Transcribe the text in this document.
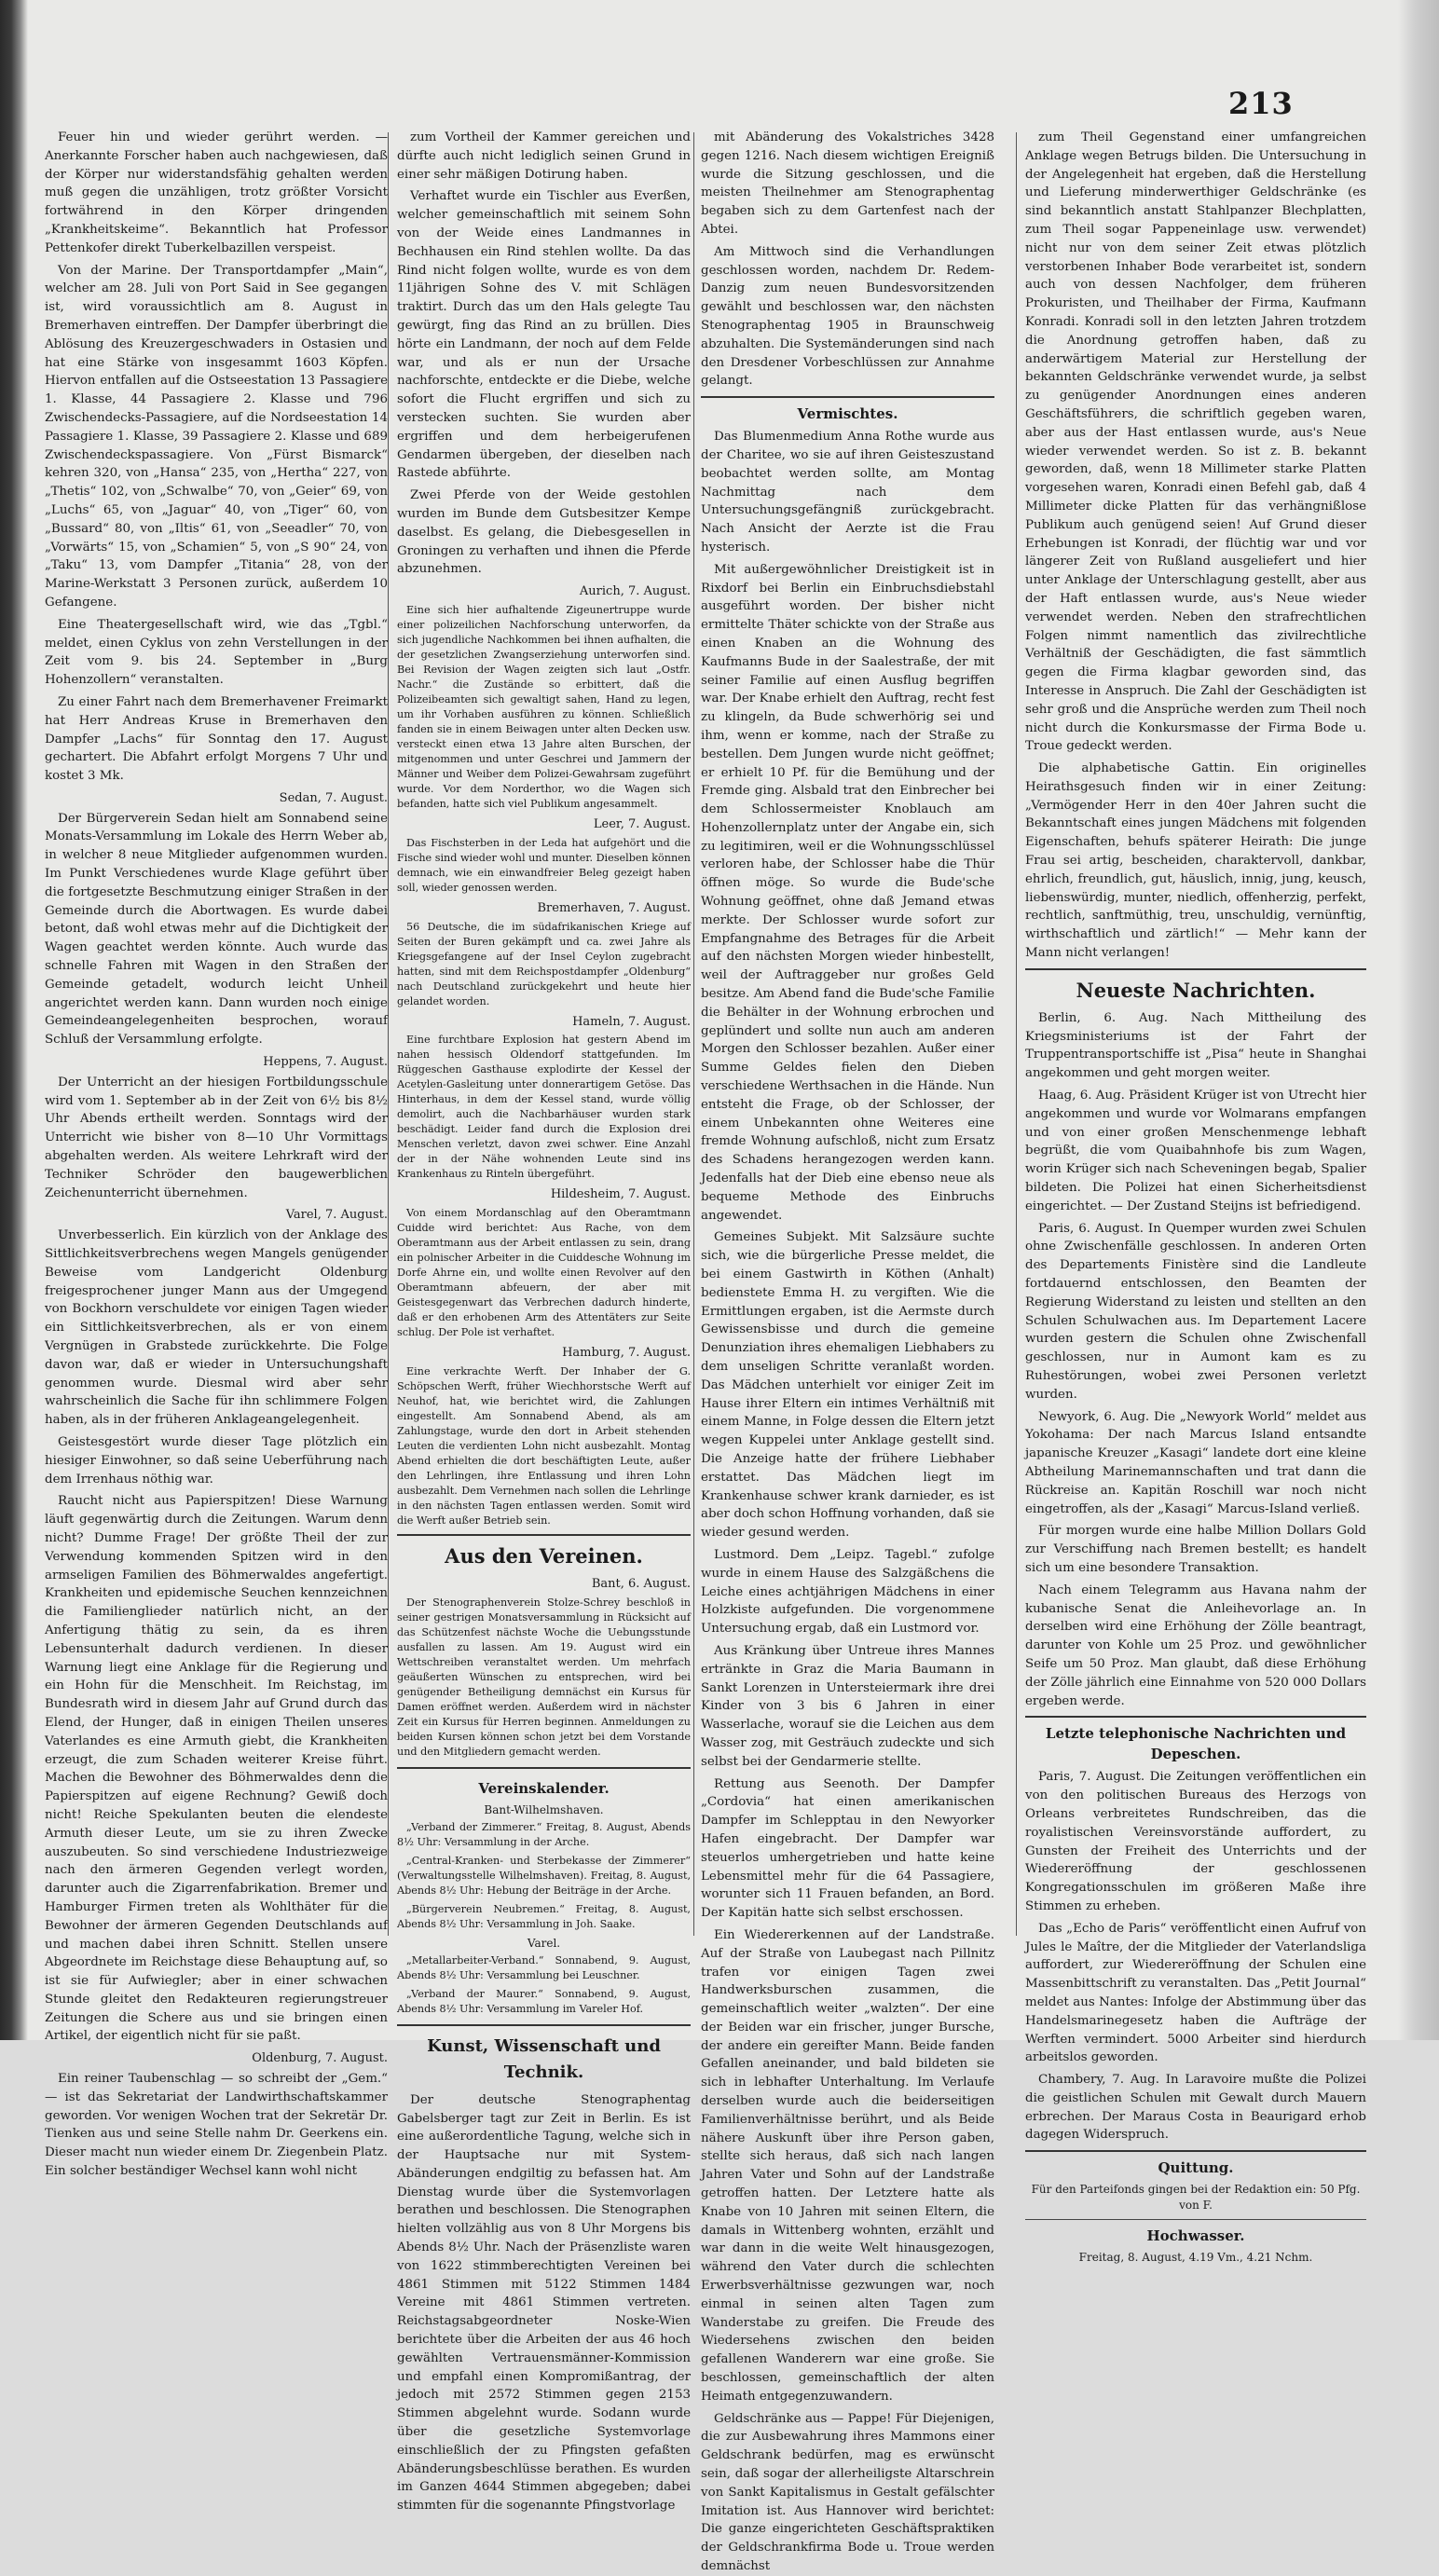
213

Feuer hin und wieder gerührt werden. — Anerkannte Forscher haben auch nachgewiesen, daß der Körper nur widerstandsfähig gehalten werden muß gegen die unzähligen, trotz größter Vorsicht fortwährend in den Körper dringenden „Krankheitskeime“. Bekanntlich hat Professor Pettenkofer direkt Tuberkelbazillen verspeist.

Von der Marine. Der Transportdampfer „Main“, welcher am 28. Juli von Port Said in See gegangen ist, wird voraussichtlich am 8. August in Bremerhaven eintreffen. Der Dampfer überbringt die Ablösung des Kreuzergeschwaders in Ostasien und hat eine Stärke von insgesammt 1603 Köpfen. Hiervon entfallen auf die Ostseestation 13 Passagiere 1. Klasse, 44 Passagiere 2. Klasse und 796 Zwischendecks-Passagiere, auf die Nordseestation 14 Passagiere 1. Klasse, 39 Passagiere 2. Klasse und 689 Zwischendeckspassagiere. Von „Fürst Bismarck“ kehren 320, von „Hansa“ 235, von „Hertha“ 227, von „Thetis“ 102, von „Schwalbe“ 70, von „Geier“ 69, von „Luchs“ 65, von „Jaguar“ 40, von „Tiger“ 60, von „Bussard“ 80, von „Iltis“ 61, von „Seeadler“ 70, von „Vorwärts“ 15, von „Schamien“ 5, von „S 90“ 24, von „Taku“ 13, vom Dampfer „Titania“ 28, von der Marine-Werkstatt 3 Personen zurück, außerdem 10 Gefangene.

Eine Theatergesellschaft wird, wie das „Tgbl.“ meldet, einen Cyklus von zehn Verstellungen in der Zeit vom 9. bis 24. September in „Burg Hohenzollern“ veranstalten.

Zu einer Fahrt nach dem Bremerhavener Freimarkt hat Herr Andreas Kruse in Bremerhaven den Dampfer „Lachs“ für Sonntag den 17. August gechartert. Die Abfahrt erfolgt Morgens 7 Uhr und kostet 3 Mk.

Sedan, 7. August.

Der Bürgerverein Sedan hielt am Sonnabend seine Monats-Versammlung im Lokale des Herrn Weber ab, in welcher 8 neue Mitglieder aufgenommen wurden. Im Punkt Verschiedenes wurde Klage geführt über die fortgesetzte Beschmutzung einiger Straßen in der Gemeinde durch die Abortwagen. Es wurde dabei betont, daß wohl etwas mehr auf die Dichtigkeit der Wagen geachtet werden könnte. Auch wurde das schnelle Fahren mit Wagen in den Straßen der Gemeinde getadelt, wodurch leicht Unheil angerichtet werden kann. Dann wurden noch einige Gemeindeangelegenheiten besprochen, worauf Schluß der Versammlung erfolgte.

Heppens, 7. August.

Der Unterricht an der hiesigen Fortbildungsschule wird vom 1. September ab in der Zeit von 6½ bis 8½ Uhr Abends ertheilt werden. Sonntags wird der Unterricht wie bisher von 8—10 Uhr Vormittags abgehalten werden. Als weitere Lehrkraft wird der Techniker Schröder den baugewerblichen Zeichenunterricht übernehmen.

Varel, 7. August.

Unverbesserlich. Ein kürzlich von der Anklage des Sittlichkeitsverbrechens wegen Mangels genügender Beweise vom Landgericht Oldenburg freigesprochener junger Mann aus der Umgegend von Bockhorn verschuldete vor einigen Tagen wieder ein Sittlichkeitsverbrechen, als er von einem Vergnügen in Grabstede zurückkehrte. Die Folge davon war, daß er wieder in Untersuchungshaft genommen wurde. Diesmal wird aber sehr wahrscheinlich die Sache für ihn schlimmere Folgen haben, als in der früheren Anklageangelegenheit.

Geistesgestört wurde dieser Tage plötzlich ein hiesiger Einwohner, so daß seine Ueberführung nach dem Irrenhaus nöthig war.

Raucht nicht aus Papierspitzen! Diese Warnung läuft gegenwärtig durch die Zeitungen. Warum denn nicht? Dumme Frage! Der größte Theil der zur Verwendung kommenden Spitzen wird in den armseligen Familien des Böhmerwaldes angefertigt. Krankheiten und epidemische Seuchen kennzeichnen die Familienglieder natürlich nicht, an der Anfertigung thätig zu sein, da es ihren Lebensunterhalt dadurch verdienen. In dieser Warnung liegt eine Anklage für die Regierung und ein Hohn für die Menschheit. Im Reichstag, im Bundesrath wird in diesem Jahr auf Grund durch das Elend, der Hunger, daß in einigen Theilen unseres Vaterlandes es eine Armuth giebt, die Krankheiten erzeugt, die zum Schaden weiterer Kreise führt. Machen die Bewohner des Böhmerwaldes denn die Papierspitzen auf eigene Rechnung? Gewiß doch nicht! Reiche Spekulanten beuten die elendeste Armuth dieser Leute, um sie zu ihren Zwecke auszubeuten. So sind verschiedene Industriezweige nach den ärmeren Gegenden verlegt worden, darunter auch die Zigarrenfabrikation. Bremer und Hamburger Firmen treten als Wohlthäter für die Bewohner der ärmeren Gegenden Deutschlands auf und machen dabei ihren Schnitt. Stellen unsere Abgeordnete im Reichstage diese Behauptung auf, so ist sie für Aufwiegler; aber in einer schwachen Stunde gleitet den Redakteuren regierungstreuer Zeitungen die Schere aus und sie bringen einen Artikel, der eigentlich nicht für sie paßt.

Oldenburg, 7. August.

Ein reiner Taubenschlag — so schreibt der „Gem.“ — ist das Sekretariat der Landwirthschaftskammer geworden. Vor wenigen Wochen trat der Sekretär Dr. Tienken aus und seine Stelle nahm Dr. Geerkens ein. Dieser macht nun wieder einem Dr. Ziegenbein Platz. Ein solcher beständiger Wechsel kann wohl nicht

zum Vortheil der Kammer gereichen und dürfte auch nicht lediglich seinen Grund in einer sehr mäßigen Dotirung haben.

Verhaftet wurde ein Tischler aus Everßen, welcher gemeinschaftlich mit seinem Sohn von der Weide eines Landmannes in Bechhausen ein Rind stehlen wollte. Da das Rind nicht folgen wollte, wurde es von dem 11jährigen Sohne des V. mit Schlägen traktirt. Durch das um den Hals gelegte Tau gewürgt, fing das Rind an zu brüllen. Dies hörte ein Landmann, der noch auf dem Felde war, und als er nun der Ursache nachforschte, entdeckte er die Diebe, welche sofort die Flucht ergriffen und sich zu verstecken suchten. Sie wurden aber ergriffen und dem herbeigerufenen Gendarmen übergeben, der dieselben nach Rastede abführte.

Zwei Pferde von der Weide gestohlen wurden im Bunde dem Gutsbesitzer Kempe daselbst. Es gelang, die Diebesgesellen in Groningen zu verhaften und ihnen die Pferde abzunehmen.

Aurich, 7. August.

Eine sich hier aufhaltende Zigeunertruppe wurde einer polizeilichen Nachforschung unterworfen, da sich jugendliche Nachkommen bei ihnen aufhalten, die der gesetzlichen Zwangserziehung unterworfen sind. Bei Revision der Wagen zeigten sich laut „Ostfr. Nachr.“ die Zustände so erbittert, daß die Polizeibeamten sich gewaltigt sahen, Hand zu legen, um ihr Vorhaben ausführen zu können. Schließlich fanden sie in einem Beiwagen unter alten Decken usw. versteckt einen etwa 13 Jahre alten Burschen, der mitgenommen und unter Geschrei und Jammern der Männer und Weiber dem Polizei-Gewahrsam zugeführt wurde. Vor dem Norderthor, wo die Wagen sich befanden, hatte sich viel Publikum angesammelt.

Leer, 7. August.

Das Fischsterben in der Leda hat aufgehört und die Fische sind wieder wohl und munter. Dieselben können demnach, wie ein einwandfreier Beleg gezeigt haben soll, wieder genossen werden.

Bremerhaven, 7. August.

56 Deutsche, die im südafrikanischen Kriege auf Seiten der Buren gekämpft und ca. zwei Jahre als Kriegsgefangene auf der Insel Ceylon zugebracht hatten, sind mit dem Reichspostdampfer „Oldenburg“ nach Deutschland zurückgekehrt und heute hier gelandet worden.

Hameln, 7. August.

Eine furchtbare Explosion hat gestern Abend im nahen hessisch Oldendorf stattgefunden. Im Rüggeschen Gasthause explodirte der Kessel der Acetylen-Gasleitung unter donnerartigem Getöse. Das Hinterhaus, in dem der Kessel stand, wurde völlig demolirt, auch die Nachbarhäuser wurden stark beschädigt. Leider fand durch die Explosion drei Menschen verletzt, davon zwei schwer. Eine Anzahl der in der Nähe wohnenden Leute sind ins Krankenhaus zu Rinteln übergeführt.

Hildesheim, 7. August.

Von einem Mordanschlag auf den Oberamtmann Cuidde wird berichtet: Aus Rache, von dem Oberamtmann aus der Arbeit entlassen zu sein, drang ein polnischer Arbeiter in die Cuiddesche Wohnung im Dorfe Ahrne ein, und wollte einen Revolver auf den Oberamtmann abfeuern, der aber mit Geistesgegenwart das Verbrechen dadurch hinderte, daß er den erhobenen Arm des Attentäters zur Seite schlug. Der Pole ist verhaftet.

Hamburg, 7. August.

Eine verkrachte Werft. Der Inhaber der G. Schöpschen Werft, früher Wiechhorstsche Werft auf Neuhof, hat, wie berichtet wird, die Zahlungen eingestellt. Am Sonnabend Abend, als am Zahlungstage, wurde den dort in Arbeit stehenden Leuten die verdienten Lohn nicht ausbezahlt. Montag Abend erhielten die dort beschäftigten Leute, außer den Lehrlingen, ihre Entlassung und ihren Lohn ausbezahlt. Dem Vernehmen nach sollen die Lehrlinge in den nächsten Tagen entlassen werden. Somit wird die Werft außer Betrieb sein.

Aus den Vereinen.
Bant, 6. August.

Der Stenographenverein Stolze-Schrey beschloß in seiner gestrigen Monatsversammlung in Rücksicht auf das Schützenfest nächste Woche die Uebungsstunde ausfallen zu lassen. Am 19. August wird ein Wettschreiben veranstaltet werden. Um mehrfach geäußerten Wünschen zu entsprechen, wird bei genügender Betheiligung demnächst ein Kursus für Damen eröffnet werden. Außerdem wird in nächster Zeit ein Kursus für Herren beginnen. Anmeldungen zu beiden Kursen können schon jetzt bei dem Vorstande und den Mitgliedern gemacht werden.

Vereinskalender.
Bant-Wilhelmshaven.

„Verband der Zimmerer.“ Freitag, 8. August, Abends 8½ Uhr: Versammlung in der Arche.

„Central-Kranken- und Sterbekasse der Zimmerer“ (Verwaltungsstelle Wilhelmshaven). Freitag, 8. August, Abends 8½ Uhr: Hebung der Beiträge in der Arche.

„Bürgerverein Neubremen.“ Freitag, 8. August, Abends 8½ Uhr: Versammlung in Joh. Saake.

Varel.

„Metallarbeiter-Verband.“ Sonnabend, 9. August, Abends 8½ Uhr: Versammlung bei Leuschner.

„Verband der Maurer.“ Sonnabend, 9. August, Abends 8½ Uhr: Versammlung im Vareler Hof.

Kunst, Wissenschaft und Technik.

Der deutsche Stenographentag Gabelsberger tagt zur Zeit in Berlin. Es ist eine außerordentliche Tagung, welche sich in der Hauptsache nur mit System-Abänderungen endgiltig zu befassen hat. Am Dienstag wurde über die Systemvorlagen berathen und beschlossen. Die Stenographen hielten vollzählig aus von 8 Uhr Morgens bis Abends 8½ Uhr. Nach der Präsenzliste waren von 1622 stimmberechtigten Vereinen bei 4861 Stimmen mit 5122 Stimmen 1484 Vereine mit 4861 Stimmen vertreten. Reichstagsabgeordneter Noske-Wien berichtete über die Arbeiten der aus 46 hoch gewählten Vertrauensmänner-Kommission und empfahl einen Kompromißantrag, der jedoch mit 2572 Stimmen gegen 2153 Stimmen abgelehnt wurde. Sodann wurde über die gesetzliche Systemvorlage einschließlich der zu Pfingsten gefaßten Abänderungsbeschlüsse berathen. Es wurden im Ganzen 4644 Stimmen abgegeben; dabei stimmten für die sogenannte Pfingstvorlage

mit Abänderung des Vokalstriches 3428 gegen 1216. Nach diesem wichtigen Ereigniß wurde die Sitzung geschlossen, und die meisten Theilnehmer am Stenographentag begaben sich zu dem Gartenfest nach der Abtei.

Am Mittwoch sind die Verhandlungen geschlossen worden, nachdem Dr. Redem-Danzig zum neuen Bundesvorsitzenden gewählt und beschlossen war, den nächsten Stenographentag 1905 in Braunschweig abzuhalten. Die Systemänderungen sind nach den Dresdener Vorbeschlüssen zur Annahme gelangt.

Vermischtes.

Das Blumenmedium Anna Rothe wurde aus der Charitee, wo sie auf ihren Geisteszustand beobachtet werden sollte, am Montag Nachmittag nach dem Untersuchungsgefängniß zurückgebracht. Nach Ansicht der Aerzte ist die Frau hysterisch.

Mit außergewöhnlicher Dreistigkeit ist in Rixdorf bei Berlin ein Einbruchsdiebstahl ausgeführt worden. Der bisher nicht ermittelte Thäter schickte von der Straße aus einen Knaben an die Wohnung des Kaufmanns Bude in der Saalestraße, der mit seiner Familie auf einen Ausflug begriffen war. Der Knabe erhielt den Auftrag, recht fest zu klingeln, da Bude schwerhörig sei und ihm, wenn er komme, nach der Straße zu bestellen. Dem Jungen wurde nicht geöffnet; er erhielt 10 Pf. für die Bemühung und der Fremde ging. Alsbald trat den Einbrecher bei dem Schlossermeister Knoblauch am Hohenzollernplatz unter der Angabe ein, sich zu legitimiren, weil er die Wohnungsschlüssel verloren habe, der Schlosser habe die Thür öffnen möge. So wurde die Bude'sche Wohnung geöffnet, ohne daß Jemand etwas merkte. Der Schlosser wurde sofort zur Empfangnahme des Betrages für die Arbeit auf den nächsten Morgen wieder hinbestellt, weil der Auftraggeber nur großes Geld besitze. Am Abend fand die Bude'sche Familie die Behälter in der Wohnung erbrochen und geplündert und sollte nun auch am anderen Morgen den Schlosser bezahlen. Außer einer Summe Geldes fielen den Dieben verschiedene Werthsachen in die Hände. Nun entsteht die Frage, ob der Schlosser, der einem Unbekannten ohne Weiteres eine fremde Wohnung aufschloß, nicht zum Ersatz des Schadens herangezogen werden kann. Jedenfalls hat der Dieb eine ebenso neue als bequeme Methode des Einbruchs angewendet.

Gemeines Subjekt. Mit Salzsäure suchte sich, wie die bürgerliche Presse meldet, die bei einem Gastwirth in Köthen (Anhalt) bedienstete Emma H. zu vergiften. Wie die Ermittlungen ergaben, ist die Aermste durch Gewissensbisse und durch die gemeine Denunziation ihres ehemaligen Liebhabers zu dem unseligen Schritte veranlaßt worden. Das Mädchen unterhielt vor einiger Zeit im Hause ihrer Eltern ein intimes Verhältniß mit einem Manne, in Folge dessen die Eltern jetzt wegen Kuppelei unter Anklage gestellt sind. Die Anzeige hatte der frühere Liebhaber erstattet. Das Mädchen liegt im Krankenhause schwer krank darnieder, es ist aber doch schon Hoffnung vorhanden, daß sie wieder gesund werden.

Lustmord. Dem „Leipz. Tagebl.“ zufolge wurde in einem Hause des Salzgäßchens die Leiche eines achtjährigen Mädchens in einer Holzkiste aufgefunden. Die vorgenommene Untersuchung ergab, daß ein Lustmord vor.

Aus Kränkung über Untreue ihres Mannes ertränkte in Graz die Maria Baumann in Sankt Lorenzen in Untersteiermark ihre drei Kinder von 3 bis 6 Jahren in einer Wasserlache, worauf sie die Leichen aus dem Wasser zog, mit Gesträuch zudeckte und sich selbst bei der Gendarmerie stellte.

Rettung aus Seenoth. Der Dampfer „Cordovia“ hat einen amerikanischen Dampfer im Schlepptau in den Newyorker Hafen eingebracht. Der Dampfer war steuerlos umhergetrieben und hatte keine Lebensmittel mehr für die 64 Passagiere, worunter sich 11 Frauen befanden, an Bord. Der Kapitän hatte sich selbst erschossen.

Ein Wiedererkennen auf der Landstraße. Auf der Straße von Laubegast nach Pillnitz trafen vor einigen Tagen zwei Handwerksburschen zusammen, die gemeinschaftlich weiter „walzten“. Der eine der Beiden war ein frischer, junger Bursche, der andere ein gereifter Mann. Beide fanden Gefallen aneinander, und bald bildeten sie sich in lebhafter Unterhaltung. Im Verlaufe derselben wurde auch die beiderseitigen Familienverhältnisse berührt, und als Beide nähere Auskunft über ihre Person gaben, stellte sich heraus, daß sich nach langen Jahren Vater und Sohn auf der Landstraße getroffen hatten. Der Letztere hatte als Knabe von 10 Jahren mit seinen Eltern, die damals in Wittenberg wohnten, erzählt und war dann in die weite Welt hinausgezogen, während den Vater durch die schlechten Erwerbsverhältnisse gezwungen war, noch einmal in seinen alten Tagen zum Wanderstabe zu greifen. Die Freude des Wiedersehens zwischen den beiden gefallenen Wanderern war eine große. Sie beschlossen, gemeinschaftlich der alten Heimath entgegenzuwandern.

Geldschränke aus — Pappe! Für Diejenigen, die zur Ausbewahrung ihres Mammons einer Geldschrank bedürfen, mag es erwünscht sein, daß sogar der allerheiligste Altarschrein von Sankt Kapitalismus in Gestalt gefälschter Imitation ist. Aus Hannover wird berichtet: Die ganze eingerichteten Geschäftspraktiken der Geldschrankfirma Bode u. Troue werden demnächst

zum Theil Gegenstand einer umfangreichen Anklage wegen Betrugs bilden. Die Untersuchung in der Angelegenheit hat ergeben, daß die Herstellung und Lieferung minderwerthiger Geldschränke (es sind bekanntlich anstatt Stahlpanzer Blechplatten, zum Theil sogar Pappeneinlage usw. verwendet) nicht nur von dem seiner Zeit etwas plötzlich verstorbenen Inhaber Bode verarbeitet ist, sondern auch von dessen Nachfolger, dem früheren Prokuristen, und Theilhaber der Firma, Kaufmann Konradi. Konradi soll in den letzten Jahren trotzdem die Anordnung getroffen haben, daß zu anderwärtigem Material zur Herstellung der bekannten Geldschränke verwendet wurde, ja selbst zu genügender Anordnungen eines anderen Geschäftsführers, die schriftlich gegeben waren, aber aus der Hast entlassen wurde, aus's Neue wieder verwendet werden. So ist z. B. bekannt geworden, daß, wenn 18 Millimeter starke Platten vorgesehen waren, Konradi einen Befehl gab, daß 4 Millimeter dicke Platten für das verhängnißlose Publikum auch genügend seien! Auf Grund dieser Erhebungen ist Konradi, der flüchtig war und vor längerer Zeit von Rußland ausgeliefert und hier unter Anklage der Unterschlagung gestellt, aber aus der Haft entlassen wurde, aus's Neue wieder verwendet werden. Neben den strafrechtlichen Folgen nimmt namentlich das zivilrechtliche Verhältniß der Geschädigten, die fast sämmtlich gegen die Firma klagbar geworden sind, das Interesse in Anspruch. Die Zahl der Geschädigten ist sehr groß und die Ansprüche werden zum Theil noch nicht durch die Konkursmasse der Firma Bode u. Troue gedeckt werden.

Die alphabetische Gattin. Ein originelles Heirathsgesuch finden wir in einer Zeitung: „Vermögender Herr in den 40er Jahren sucht die Bekanntschaft eines jungen Mädchens mit folgenden Eigenschaften, behufs späterer Heirath: Die junge Frau sei artig, bescheiden, charaktervoll, dankbar, ehrlich, freundlich, gut, häuslich, innig, jung, keusch, liebenswürdig, munter, niedlich, offenherzig, perfekt, rechtlich, sanftmüthig, treu, unschuldig, vernünftig, wirthschaftlich und zärtlich!“ — Mehr kann der Mann nicht verlangen!

Neueste Nachrichten.

Berlin, 6. Aug. Nach Mittheilung des Kriegsministeriums ist der Fahrt der Truppentransportschiffe ist „Pisa“ heute in Shanghai angekommen und geht morgen weiter.

Haag, 6. Aug. Präsident Krüger ist von Utrecht hier angekommen und wurde vor Wolmarans empfangen und von einer großen Menschenmenge lebhaft begrüßt, die vom Quaibahnhofe bis zum Wagen, worin Krüger sich nach Scheveningen begab, Spalier bildeten. Die Polizei hat einen Sicherheitsdienst eingerichtet. — Der Zustand Steijns ist befriedigend.

Paris, 6. August. In Quemper wurden zwei Schulen ohne Zwischenfälle geschlossen. In anderen Orten des Departements Finistère sind die Landleute fortdauernd entschlossen, den Beamten der Regierung Widerstand zu leisten und stellten an den Schulen Schulwachen aus. Im Departement Lacere wurden gestern die Schulen ohne Zwischenfall geschlossen, nur in Aumont kam es zu Ruhestörungen, wobei zwei Personen verletzt wurden.

Newyork, 6. Aug. Die „Newyork World“ meldet aus Yokohama: Der nach Marcus Island entsandte japanische Kreuzer „Kasagi“ landete dort eine kleine Abtheilung Marinemannschaften und trat dann die Rückreise an. Kapitän Roschill war noch nicht eingetroffen, als der „Kasagi“ Marcus-Island verließ.

Für morgen wurde eine halbe Million Dollars Gold zur Verschiffung nach Bremen bestellt; es handelt sich um eine besondere Transaktion.

Nach einem Telegramm aus Havana nahm der kubanische Senat die Anleihevorlage an. In derselben wird eine Erhöhung der Zölle beantragt, darunter von Kohle um 25 Proz. und gewöhnlicher Seife um 50 Proz. Man glaubt, daß diese Erhöhung der Zölle jährlich eine Einnahme von 520 000 Dollars ergeben werde.

Letzte telephonische Nachrichten und Depeschen.

Paris, 7. August. Die Zeitungen veröffentlichen ein von den politischen Bureaus des Herzogs von Orleans verbreitetes Rundschreiben, das die royalistischen Vereinsvorstände auffordert, zu Gunsten der Freiheit des Unterrichts und der Wiedereröffnung der geschlossenen Kongregationsschulen im größeren Maße ihre Stimmen zu erheben.

Das „Echo de Paris“ veröffentlicht einen Aufruf von Jules le Maître, der die Mitglieder der Vaterlandsliga auffordert, zur Wiedereröffnung der Schulen eine Massenbittschrift zu veranstalten. Das „Petit Journal“ meldet aus Nantes: Infolge der Abstimmung über das Handelsmarinegesetz haben die Aufträge der Werften vermindert. 5000 Arbeiter sind hierdurch arbeitslos geworden.

Chambery, 7. Aug. In Laravoire mußte die Polizei die geistlichen Schulen mit Gewalt durch Mauern erbrechen. Der Maraus Costa in Beaurigard erhob dagegen Widerspruch.

Quittung.
Für den Parteifonds gingen bei der Redaktion ein: 50 Pfg. von F.
Hochwasser.
Freitag, 8. August, 4.19 Vm., 4.21 Nchm.
